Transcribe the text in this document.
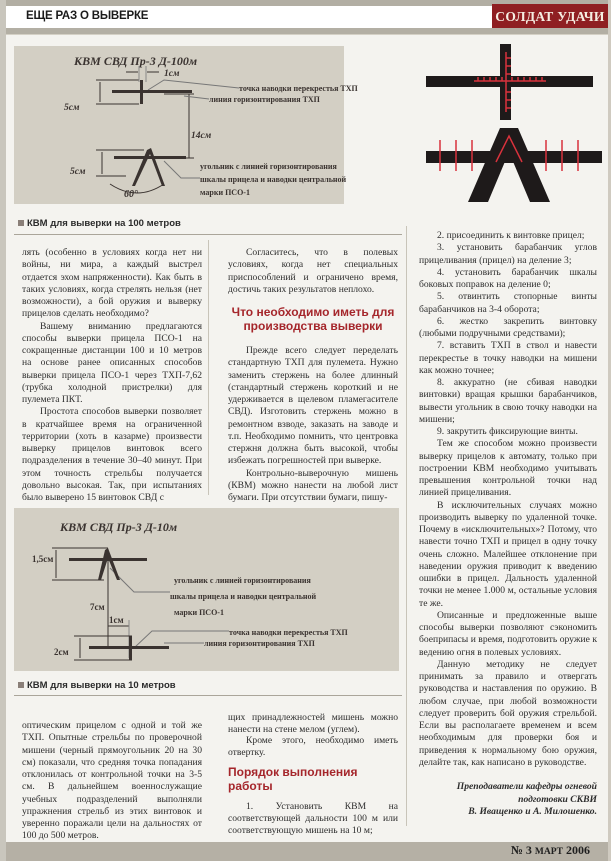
ЕЩЕ РАЗ О ВЫВЕРКЕ	СОЛДАТ УДАЧИ
КВМ СВД Пр-3 Д-100м
1см
5см
14см
5см
60°
точка наводки перекрестья ТХП
линия горизонтирования ТХП
угольник с линией горизонтирования
шкалы прицела и наводки центральной
марки ПСО-1
КВМ для выверки на 100 метров

лять (особенно в условиях когда нет ни войны, ни мира, а каждый выстрел отдается эхом напряженности). Как быть в таких условиях, когда стрелять нельзя (нет возможности), а бой оружия и выверку прицелов сделать необходимо?

Вашему вниманию предлагаются способы выверки прицела ПСО-1 на сокращенные дистанции 100 и 10 метров на основе ранее описанных способов выверки прицела ПСО-1 через ТХП-7,62 (трубка холодной пристрелки) для пулемета ПКТ.

Простота способов выверки позволяет в кратчайшее время на ограниченной территории (хоть в казарме) произвести выверку прицелов винтовок всего подразделения в течение 30–40 минут. При этом точность стрельбы получается довольно высокая. Так, при испытаниях было выверено 15 винтовок СВД с

Согласитесь, что в полевых условиях, когда нет специальных приспособлений и ограничено время, достичь таких результатов неплохо.

Что необходимо иметь для производства выверки

Прежде всего следует переделать стандартную ТХП для пулемета. Нужно заменить стержень на более длинный (стандартный стержень короткий и не удерживается в щелевом пламегасителе СВД). Изготовить стержень можно в ремонтном взводе, заказать на заводе и т.п. Необходимо помнить, что центровка стержня должна быть высокой, чтобы избежать погрешностей при выверке.

Контрольно-выверочную мишень (КВМ) можно нанести на любой лист бумаги. При отсутствии бумаги, пишу-

2. присоединить к винтовке прицел;

3. установить барабанчик углов прицеливания (прицел) на деление 3;

4. установить барабанчик шкалы боковых поправок на деление 0;

5. отвинтить стопорные винты барабанчиков на 3-4 оборота;

6. жестко закрепить винтовку (любыми подручными средствами);

7. вставить ТХП в ствол и навести перекрестье в точку наводки на мишени как можно точнее;

8. аккуратно (не сбивая наводки винтовки) вращая крышки барабанчиков, вывести угольник в свою точку наводки на мишени;

9. закрутить фиксирующие винты.

Тем же способом можно произвести выверку прицелов к автомату, только при построении КВМ необходимо учитывать превышения контрольной точки над линией прицеливания.

В исключительных случаях можно производить выверку по удаленной точке. Почему в «исключительных»? Потому, что навести точно ТХП и прицел в одну точку очень сложно. Малейшее отклонение при наведении оружия приводит к введению ошибки в прицел. Дальность удаленной точки не менее 1.000 м, остальные условия те же.

Описанные и предложенные выше способы выверки позволяют сэкономить боеприпасы и время, подготовить оружие к ведению огня в полевых условиях.

Данную методику не следует принимать за правило и отвергать руководства и наставления по оружию. В любом случае, при любой возможности следует проверить бой оружия стрельбой. Если вы располагаете временем и всем необходимым для проверки боя и приведения к нормальному бою оружия, делайте так, как написано в руководстве.

Преподаватели кафедры огневой
подготовки СКВИ
В. Иващенко и А. Милошенко.
КВМ СВД Пр-3 Д-10м
1,5см
7см
1см
2см
угольник с линией горизонтирования
шкалы прицела и наводки центральной
марки ПСО-1
точка наводки перекрестья ТХП
линия горизонтирования ТХП
КВМ для выверки на 10 метров

оптическим прицелом с одной и той же ТХП. Опытные стрельбы по проверочной мишени (черный прямоугольник 20 на 30 см) показали, что средняя точка попадания отклонилась от контрольной точки на 3-5 см. В дальнейшем военнослужащие учебных подразделений выполняли упражнения стрельб из этих винтовок и уверенно поражали цели на дальностях от 100 до 500 метров.

щих принадлежностей мишень можно нанести на стене мелом (углем).

Кроме этого, необходимо иметь отвертку.

Порядок выполнения работы

1. Установить КВМ на соответствующей дальности 100 м или соответствующую мишень на 10 м;

№ 3 МАРТ 2006
